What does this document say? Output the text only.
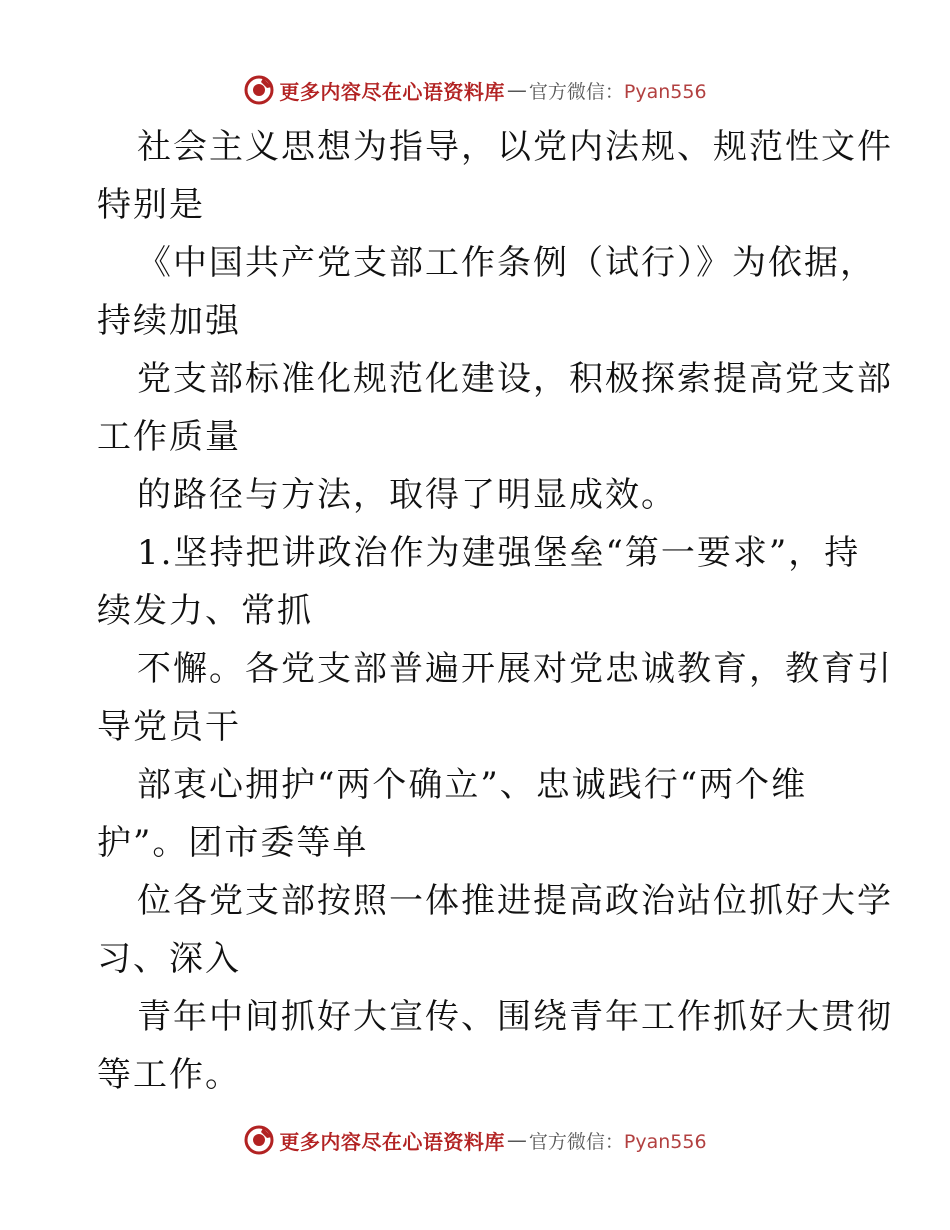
更多内容尽在心语资料库 — 官方微信：Pyan556
社会主义思想为指导，以党内法规、规范性文件
特别是
《中国共产党支部工作条例（试行）》为依据，
持续加强
党支部标准化规范化建设，积极探索提高党支部
工作质量
的路径与方法，取得了明显成效。
1.坚持把讲政治作为建强堡垒“第一要求”，持
续发力、常抓
不懈。各党支部普遍开展对党忠诚教育，教育引
导党员干
部衷心拥护“两个确立”、忠诚践行“两个维
护”。团市委等单
位各党支部按照一体推进提高政治站位抓好大学
习、深入
青年中间抓好大宣传、围绕青年工作抓好大贯彻
等工作。
更多内容尽在心语资料库 — 官方微信：Pyan556
